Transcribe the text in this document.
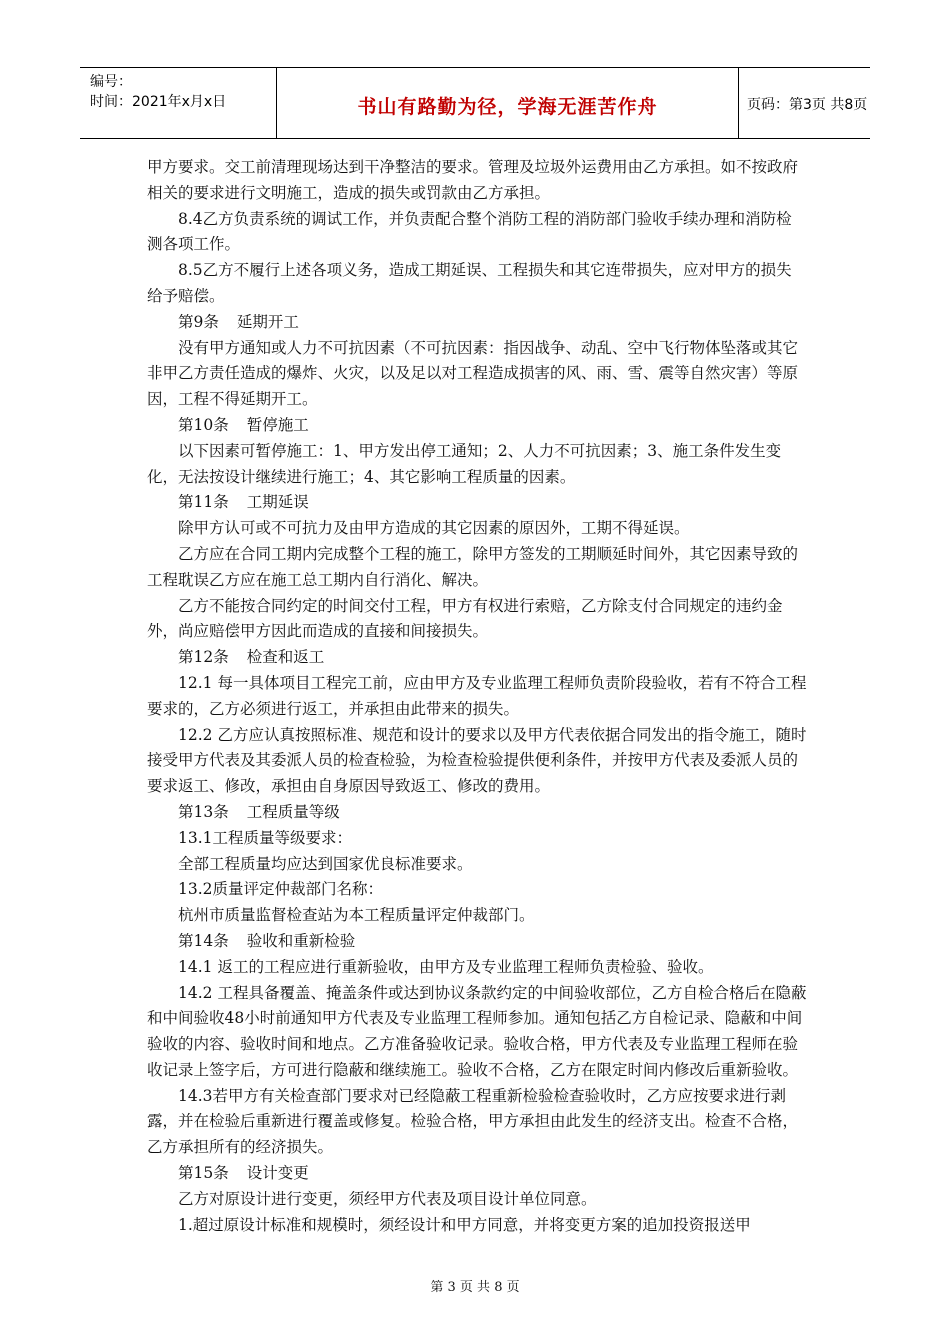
编号：
时间：2021年x月x日	书山有路勤为径，学海无涯苦作舟	页码：第3页 共8页

甲方要求。交工前清理现场达到干净整洁的要求。管理及垃圾外运费用由乙方承担。如不按政府相关的要求进行文明施工，造成的损失或罚款由乙方承担。

8.4乙方负责系统的调试工作，并负责配合整个消防工程的消防部门验收手续办理和消防检测各项工作。

8.5乙方不履行上述各项义务，造成工期延误、工程损失和其它连带损失，应对甲方的损失给予赔偿。

第9条 延期开工

没有甲方通知或人力不可抗因素（不可抗因素：指因战争、动乱、空中飞行物体坠落或其它非甲乙方责任造成的爆炸、火灾，以及足以对工程造成损害的风、雨、雪、震等自然灾害）等原因，工程不得延期开工。

第10条 暂停施工

以下因素可暂停施工：1、甲方发出停工通知；2、人力不可抗因素；3、施工条件发生变化，无法按设计继续进行施工；4、其它影响工程质量的因素。

第11条 工期延误

除甲方认可或不可抗力及由甲方造成的其它因素的原因外，工期不得延误。

乙方应在合同工期内完成整个工程的施工，除甲方签发的工期顺延时间外，其它因素导致的工程耽误乙方应在施工总工期内自行消化、解决。

乙方不能按合同约定的时间交付工程，甲方有权进行索赔，乙方除支付合同规定的违约金外，尚应赔偿甲方因此而造成的直接和间接损失。

第12条 检查和返工

12.1 每一具体项目工程完工前，应由甲方及专业监理工程师负责阶段验收，若有不符合工程要求的，乙方必须进行返工，并承担由此带来的损失。

12.2 乙方应认真按照标准、规范和设计的要求以及甲方代表依据合同发出的指令施工，随时接受甲方代表及其委派人员的检查检验，为检查检验提供便利条件，并按甲方代表及委派人员的要求返工、修改，承担由自身原因导致返工、修改的费用。

第13条 工程质量等级

13.1工程质量等级要求：

全部工程质量均应达到国家优良标准要求。

13.2质量评定仲裁部门名称：

杭州市质量监督检查站为本工程质量评定仲裁部门。

第14条 验收和重新检验

14.1 返工的工程应进行重新验收，由甲方及专业监理工程师负责检验、验收。

14.2 工程具备覆盖、掩盖条件或达到协议条款约定的中间验收部位，乙方自检合格后在隐蔽和中间验收48小时前通知甲方代表及专业监理工程师参加。通知包括乙方自检记录、隐蔽和中间验收的内容、验收时间和地点。乙方准备验收记录。验收合格，甲方代表及专业监理工程师在验收记录上签字后，方可进行隐蔽和继续施工。验收不合格，乙方在限定时间内修改后重新验收。

14.3若甲方有关检查部门要求对已经隐蔽工程重新检验检查验收时，乙方应按要求进行剥露，并在检验后重新进行覆盖或修复。检验合格，甲方承担由此发生的经济支出。检查不合格，乙方承担所有的经济损失。

第15条 设计变更

乙方对原设计进行变更，须经甲方代表及项目设计单位同意。

1.超过原设计标准和规模时，须经设计和甲方同意，并将变更方案的追加投资报送甲

第 3 页 共 8 页
